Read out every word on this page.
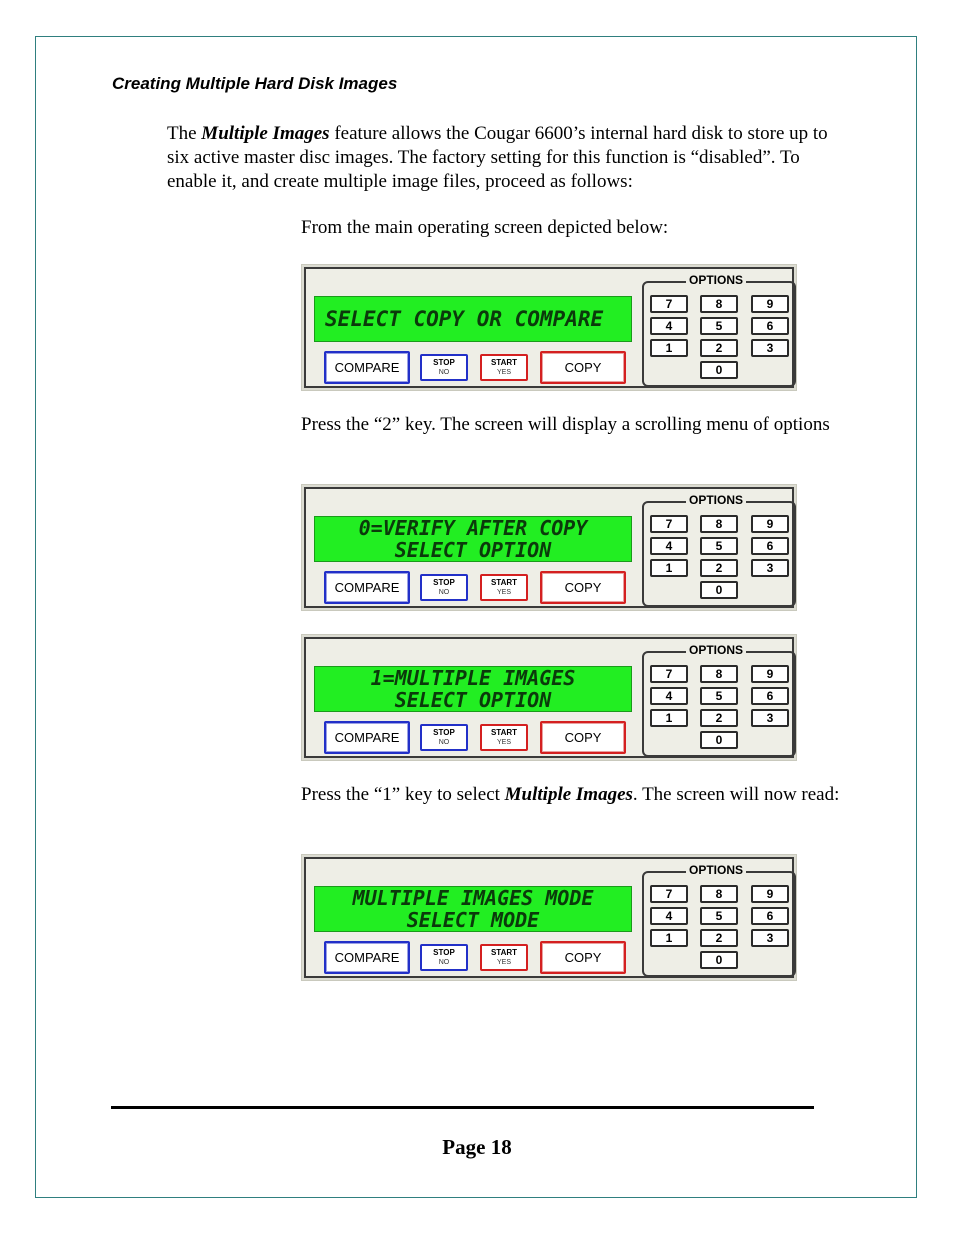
Creating Multiple Hard Disk Images

The Multiple Images feature allows the Cougar 6600’s internal hard disk to store up to six active master disc images. The factory setting for this function is “disabled”. To enable it, and create multiple image files, proceed as follows:

From the main operating screen depicted below:

SELECT COPY OR COMPARE
COMPARE	STOP
NO
START
YES	COPY
OPTIONS
7	8	9
4	5	6
1	2	3
0

Press the “2” key. The screen will display a scrolling menu of options

0=VERIFY AFTER COPY
SELECT OPTION
COMPARE	STOP
NO
START
YES	COPY
OPTIONS
7	8	9
4	5	6
1	2	3
0
1=MULTIPLE IMAGES
SELECT OPTION
COMPARE	STOP
NO
START
YES	COPY
OPTIONS
7	8	9
4	5	6
1	2	3
0

Press the “1” key to select Multiple Images. The screen will now read:

MULTIPLE IMAGES MODE
SELECT MODE
COMPARE	STOP
NO
START
YES	COPY
OPTIONS
7	8	9
4	5	6
1	2	3
0
Page 18
